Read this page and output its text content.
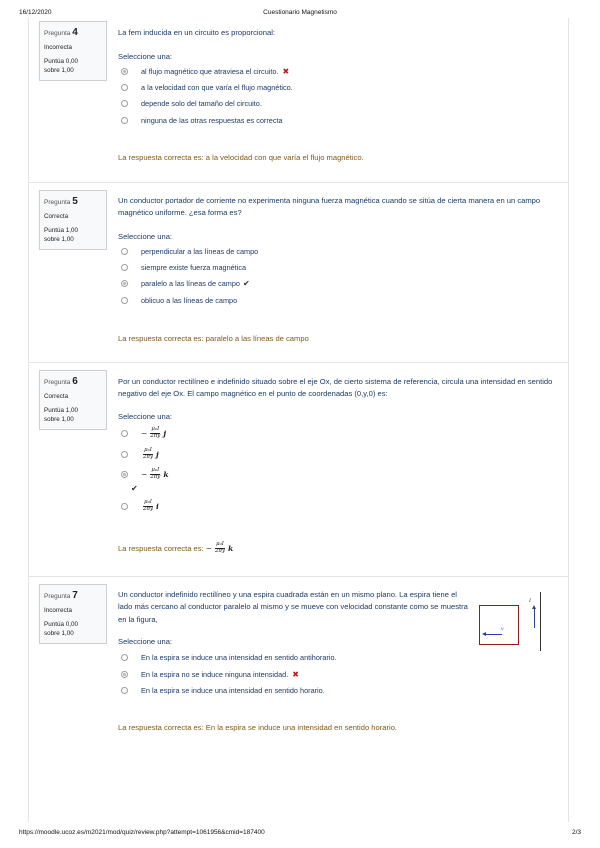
16/12/2020	Cuestionario Magnetismo
Pregunta 4
Incorrecta
Puntúa 0,00
sobre 1,00
La fem inducida en un circuito es proporcional:
Seleccione una:
al flujo magnético que atraviesa el circuito. ✖
a la velocidad con que varía el flujo magnético.
depende solo del tamaño del circuito.
ninguna de las otras respuestas es correcta
La respuesta correcta es: a la velocidad con que varía el flujo magnético.
Pregunta 5
Correcta
Puntúa 1,00
sobre 1,00
Un conductor portador de corriente no experimenta ninguna fuerza magnética cuando se sitúa de cierta manera en un campo magnético uniforme. ¿esa forma es?
Seleccione una:
perpendicular a las líneas de campo
siempre existe fuerza magnética
paralelo a las líneas de campo ✔
oblicuo a las líneas de campo
La respuesta correcta es: paralelo a las líneas de campo
Pregunta 6
Correcta
Puntúa 1,00
sobre 1,00
Por un conductor rectilíneo e indefinido situado sobre el eje Ox, de cierto sistema de referencia, circula una intensidad en sentido negativo del eje Ox. El campo magnético en el punto de coordenadas (0,y,0) es:
Seleccione una:
− $\frac{\text{μ₀I}}{2\pi y}$ j
$\frac{\text{μ₀I}}{2\pi y}$ j
− $\frac{\text{μ₀I}}{2\pi y}$ k
✔
$\frac{\text{μ₀I}}{2\pi y}$ i
La respuesta correcta es: − $\frac{\text{μ₀I}}{2\pi y}$ k
Pregunta 7
Incorrecta
Puntúa 0,00
sobre 1,00
Un conductor indefinido rectilíneo y una espira cuadrada están en un mismo plano. La espira tiene el lado más cercano al conductor paralelo al mismo y se mueve con velocidad constante como se muestra en la figura,
v
I
Seleccione una:
En la espira se induce una intensidad en sentido antihorario.
En la espira no se induce ninguna intensidad. ✖
En la espira se induce una intensidad en sentido horario.
La respuesta correcta es: En la espira se induce una intensidad en sentido horario.
https://moodle.ucoz.es/m2021/mod/quiz/review.php?attempt=1061956&cmid=187400	2/3
